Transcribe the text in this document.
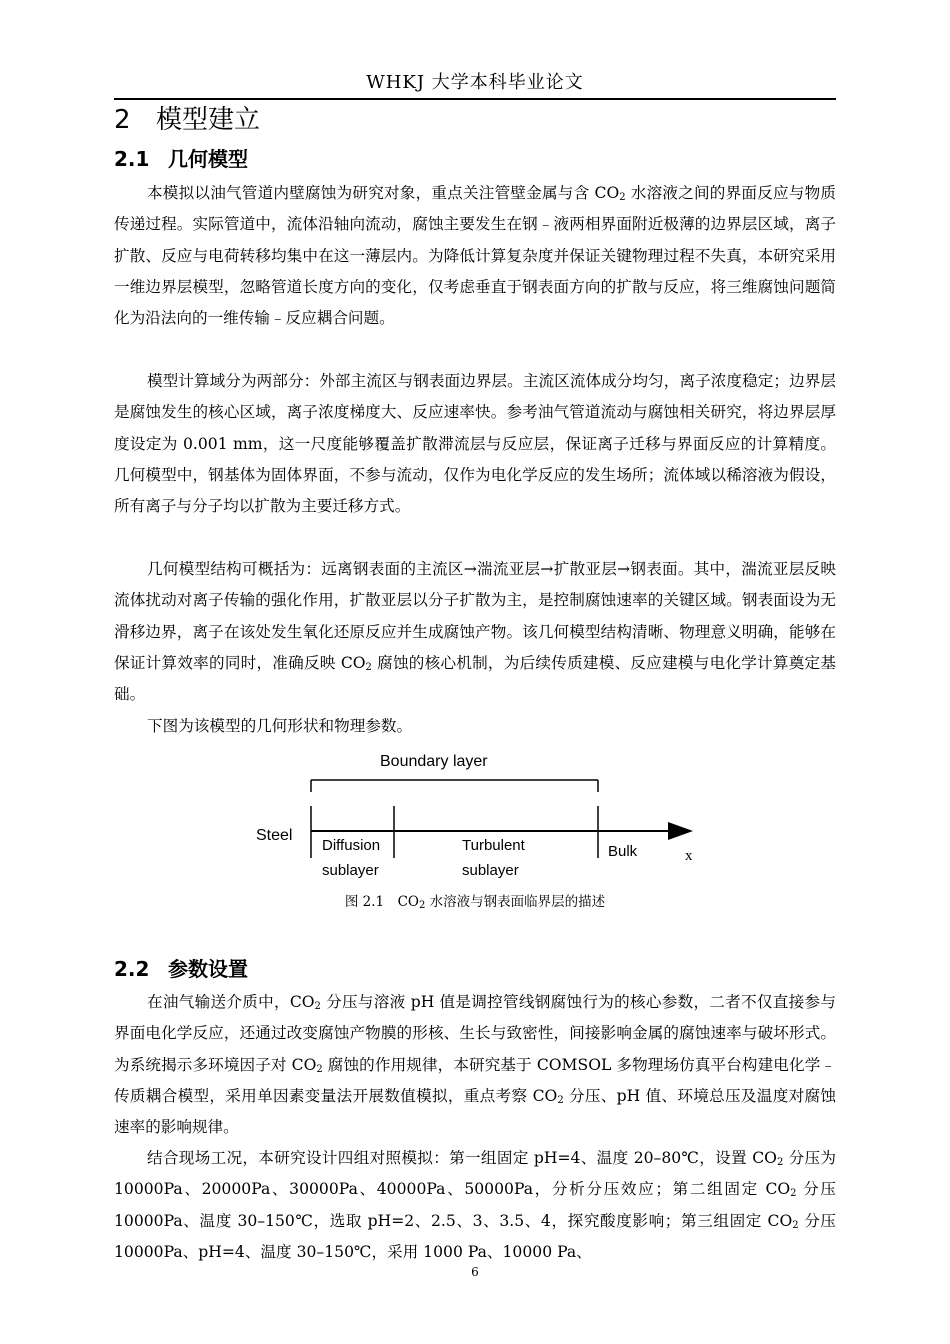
WHKJ 大学本科毕业论文
2 模型建立
2.1 几何模型

本模拟以油气管道内壁腐蚀为研究对象，重点关注管壁金属与含 $CO_2$ 水溶液之间的界面反应与物质传递过程。实际管道中，流体沿轴向流动，腐蚀主要发生在钢﹣液两相界面附近极薄的边界层区域，离子扩散、反应与电荷转移均集中在这一薄层内。为降低计算复杂度并保证关键物理过程不失真，本研究采用一维边界层模型，忽略管道长度方向的变化，仅考虑垂直于钢表面方向的扩散与反应，将三维腐蚀问题简化为沿法向的一维传输﹣反应耦合问题。

模型计算域分为两部分：外部主流区与钢表面边界层。主流区流体成分均匀，离子浓度稳定；边界层是腐蚀发生的核心区域，离子浓度梯度大、反应速率快。参考油气管道流动与腐蚀相关研究，将边界层厚度设定为 0.001 mm，这一尺度能够覆盖扩散滞流层与反应层，保证离子迁移与界面反应的计算精度。几何模型中，钢基体为固体界面，不参与流动，仅作为电化学反应的发生场所；流体域以稀溶液为假设，所有离子与分子均以扩散为主要迁移方式。

几何模型结构可概括为：远离钢表面的主流区→湍流亚层→扩散亚层→钢表面。其中，湍流亚层反映流体扰动对离子传输的强化作用，扩散亚层以分子扩散为主，是控制腐蚀速率的关键区域。钢表面设为无滑移边界，离子在该处发生氧化还原反应并生成腐蚀产物。该几何模型结构清晰、物理意义明确，能够在保证计算效率的同时，准确反映 $CO_2$ 腐蚀的核心机制，为后续传质建模、反应建模与电化学计算奠定基础。

下图为该模型的几何形状和物理参数。

Boundary layer
Steel
Diffusion
sublayer
Turbulent
sublayer
Bulk	x
图 2.1　$CO_2$ 水溶液与钢表面临界层的描述
2.2 参数设置

在油气输送介质中，$CO_2$ 分压与溶液 pH 值是调控管线钢腐蚀行为的核心参数，二者不仅直接参与界面电化学反应，还通过改变腐蚀产物膜的形核、生长与致密性，间接影响金属的腐蚀速率与破坏形式。为系统揭示多环境因子对 $CO_2$ 腐蚀的作用规律，本研究基于 COMSOL 多物理场仿真平台构建电化学﹣传质耦合模型，采用单因素变量法开展数值模拟，重点考察 $CO_2$ 分压、pH 值、环境总压及温度对腐蚀速率的影响规律。

结合现场工况，本研究设计四组对照模拟：第一组固定 pH=4、温度 20–80℃，设置 $CO_2$ 分压为 10000Pa、20000Pa、30000Pa、40000Pa、50000Pa，分析分压效应；第二组固定 $CO_2$ 分压 10000Pa、温度 30–150℃，选取 pH=2、2.5、3、3.5、4，探究酸度影响；第三组固定 $CO_2$ 分压 10000Pa、pH=4、温度 30–150℃，采用 1000 Pa、10000 Pa、

6
